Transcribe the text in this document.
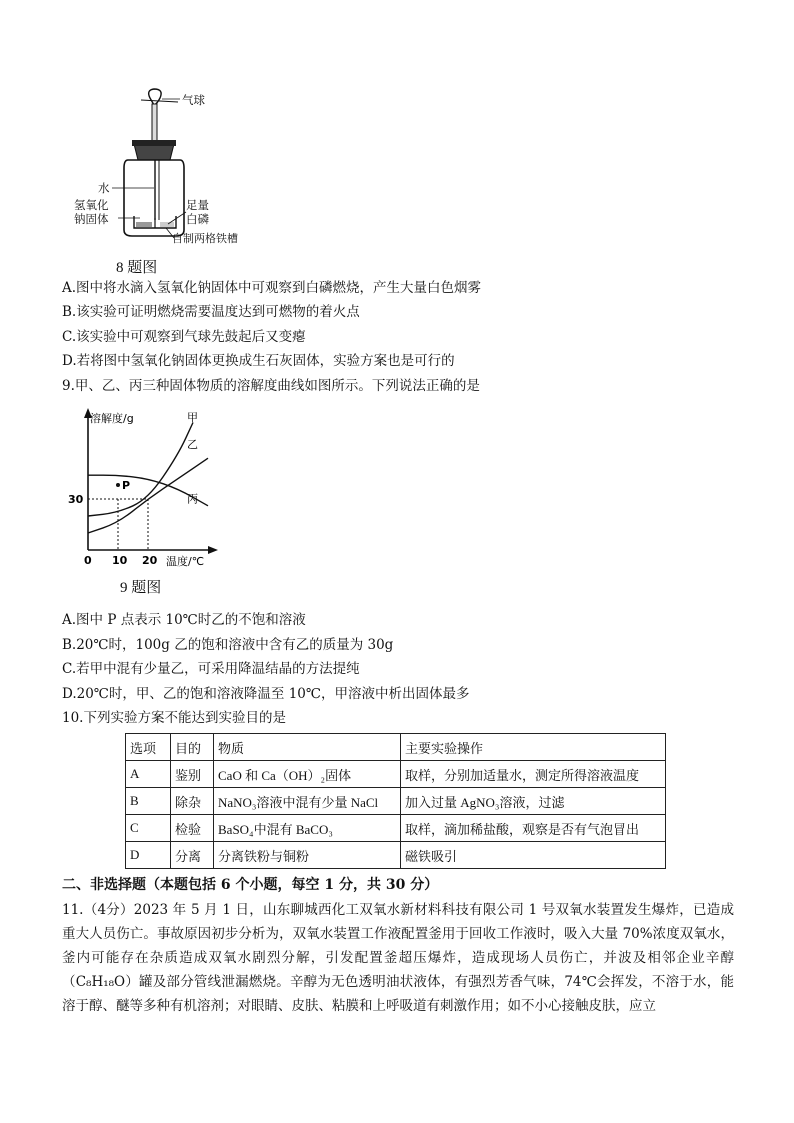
气球
水
氢氧化
钠固体
足量
白磷
自制两格铁槽
8 题图
A.图中将水滴入氢氧化钠固体中可观察到白磷燃烧，产生大量白色烟雾
B.该实验可证明燃烧需要温度达到可燃物的着火点
C.该实验中可观察到气球先鼓起后又变瘪
D.若将图中氢氧化钠固体更换成生石灰固体，实验方案也是可行的
9.甲、乙、丙三种固体物质的溶解度曲线如图所示。下列说法正确的是
溶解度/g
温度/℃
甲
乙
丙
P
30
0 10 20
9 题图
A.图中 P 点表示 10℃时乙的不饱和溶液
B.20℃时，100g 乙的饱和溶液中含有乙的质量为 30g
C.若甲中混有少量乙，可采用降温结晶的方法提纯
D.20℃时，甲、乙的饱和溶液降温至 10℃，甲溶液中析出固体最多
10.下列实验方案不能达到实验目的是
选项	目的	物质	主要实验操作
A	鉴别	CaO 和 Ca（OH）₂固体	取样，分别加适量水，测定所得溶液温度
B	除杂	NaNO₃溶液中混有少量 NaCl	加入过量 AgNO₃溶液，过滤
C	检验	BaSO₄中混有 BaCO₃	取样，滴加稀盐酸，观察是否有气泡冒出
D	分离	分离铁粉与铜粉	磁铁吸引
二、非选择题（本题包括 6 个小题，每空 1 分，共 30 分）
11.（4分）2023 年 5 月 1 日，山东聊城西化工双氧水新材料科技有限公司 1 号双氧水装置发生爆炸，已造成重大人员伤亡。事故原因初步分析为，双氧水装置工作液配置釜用于回收工作液时，吸入大量 70%浓度双氧水，釜内可能存在杂质造成双氧水剧烈分解，引发配置釜超压爆炸，造成现场人员伤亡，并波及相邻企业辛醇（C₈H₁₈O）罐及部分管线泄漏燃烧。辛醇为无色透明油状液体，有强烈芳香气味，74℃会挥发，不溶于水，能溶于醇、醚等多种有机溶剂；对眼睛、皮肤、粘膜和上呼吸道有刺激作用；如不小心接触皮肤，应立
